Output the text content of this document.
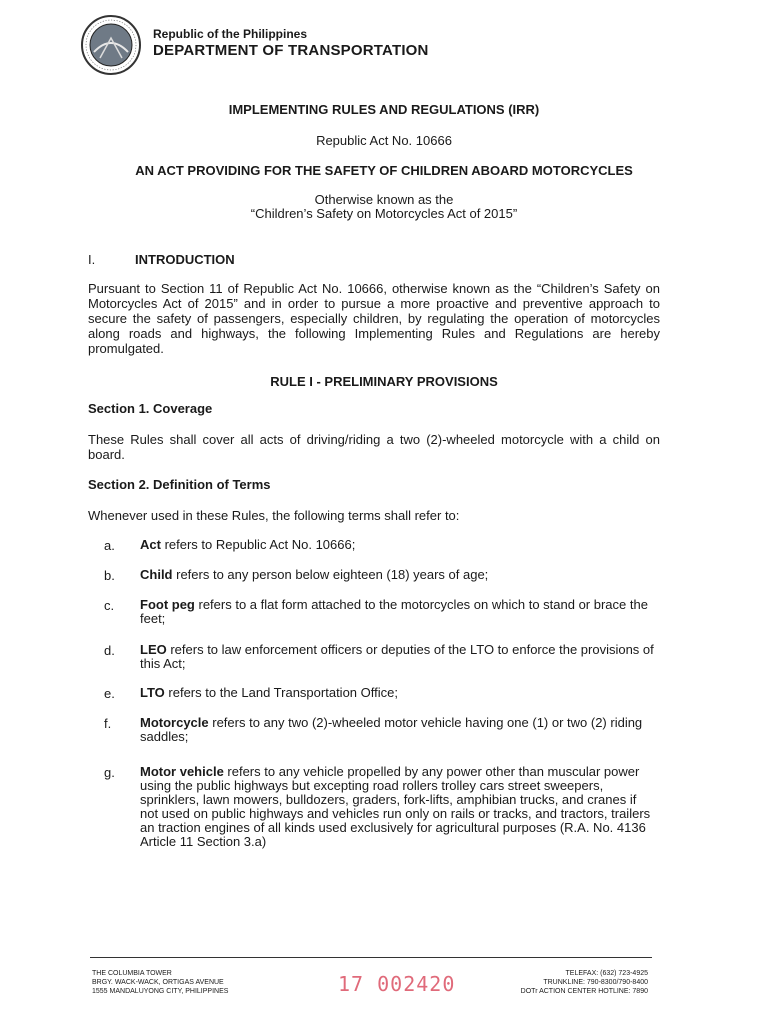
Republic of the Philippines
DEPARTMENT OF TRANSPORTATION
IMPLEMENTING RULES AND REGULATIONS (IRR)
Republic Act No. 10666
AN ACT PROVIDING FOR THE SAFETY OF CHILDREN ABOARD MOTORCYCLES
Otherwise known as the
“Children’s Safety on Motorcycles Act of 2015”
I.	INTRODUCTION
Pursuant to Section 11 of Republic Act No. 10666, otherwise known as the “Children’s Safety on Motorcycles Act of 2015” and in order to pursue a more proactive and preventive approach to secure the safety of passengers, especially children, by regulating the operation of motorcycles along roads and highways, the following Implementing Rules and Regulations are hereby promulgated.
RULE I - PRELIMINARY PROVISIONS
Section 1. Coverage
These Rules shall cover all acts of driving/riding a two (2)-wheeled motorcycle with a child on board.
Section 2. Definition of Terms
Whenever used in these Rules, the following terms shall refer to:
a. Act refers to Republic Act No. 10666;
b. Child refers to any person below eighteen (18) years of age;
c. Foot peg refers to a flat form attached to the motorcycles on which to stand or brace the feet;
d. LEO refers to law enforcement officers or deputies of the LTO to enforce the provisions of this Act;
e. LTO refers to the Land Transportation Office;
f. Motorcycle refers to any two (2)-wheeled motor vehicle having one (1) or two (2) riding saddles;
g. Motor vehicle refers to any vehicle propelled by any power other than muscular power using the public highways but excepting road rollers trolley cars street sweepers, sprinklers, lawn mowers, bulldozers, graders, fork-lifts, amphibian trucks, and cranes if not used on public highways and vehicles run only on rails or tracks, and tractors, trailers an traction engines of all kinds used exclusively for agricultural purposes (R.A. No. 4136 Article 11 Section 3.a)
THE COLUMBIA TOWER
BRGY. WACK-WACK, ORTIGAS AVENUE
1555 MANDALUYONG CITY, PHILIPPINES	17 002420	TELEFAX: (632) 723-4925
TRUNKLINE: 790-8300/790-8400
DOTr ACTION CENTER HOTLINE: 7890
